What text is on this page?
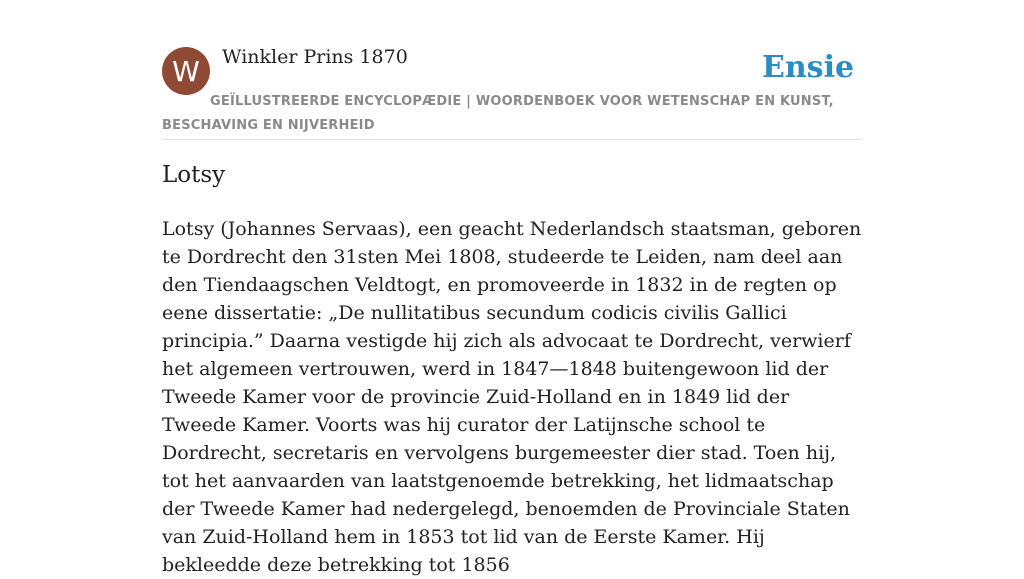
W	Winkler Prins 1870	Ensie
GEÏLLUSTREERDE ENCYCLOPÆDIE | WOORDENBOEK VOOR WETENSCHAP EN KUNST, BESCHAVING EN NIJVERHEID
Lotsy

Lotsy (Johannes Servaas), een geacht Nederlandsch staatsman, geboren te Dordrecht den 31sten Mei 1808, studeerde te Leiden, nam deel aan den Tiendaagschen Veldtogt, en promoveerde in 1832 in de regten op eene dissertatie: „De nullitatibus secundum codicis civilis Gallici principia.” Daarna vestigde hij zich als advocaat te Dordrecht, verwierf het algemeen vertrouwen, werd in 1847—1848 buitengewoon lid der Tweede Kamer voor de provincie Zuid-Holland en in 1849 lid der Tweede Kamer. Voorts was hij curator der Latijnsche school te Dordrecht, secretaris en vervolgens burgemeester dier stad. Toen hij, tot het aanvaarden van laatstgenoemde betrekking, het lidmaatschap der Tweede Kamer had nedergelegd, benoemden de Provinciale Staten van Zuid-Holland hem in 1853 tot lid van de Eerste Kamer. Hij bekleedde deze betrekking tot 1856
